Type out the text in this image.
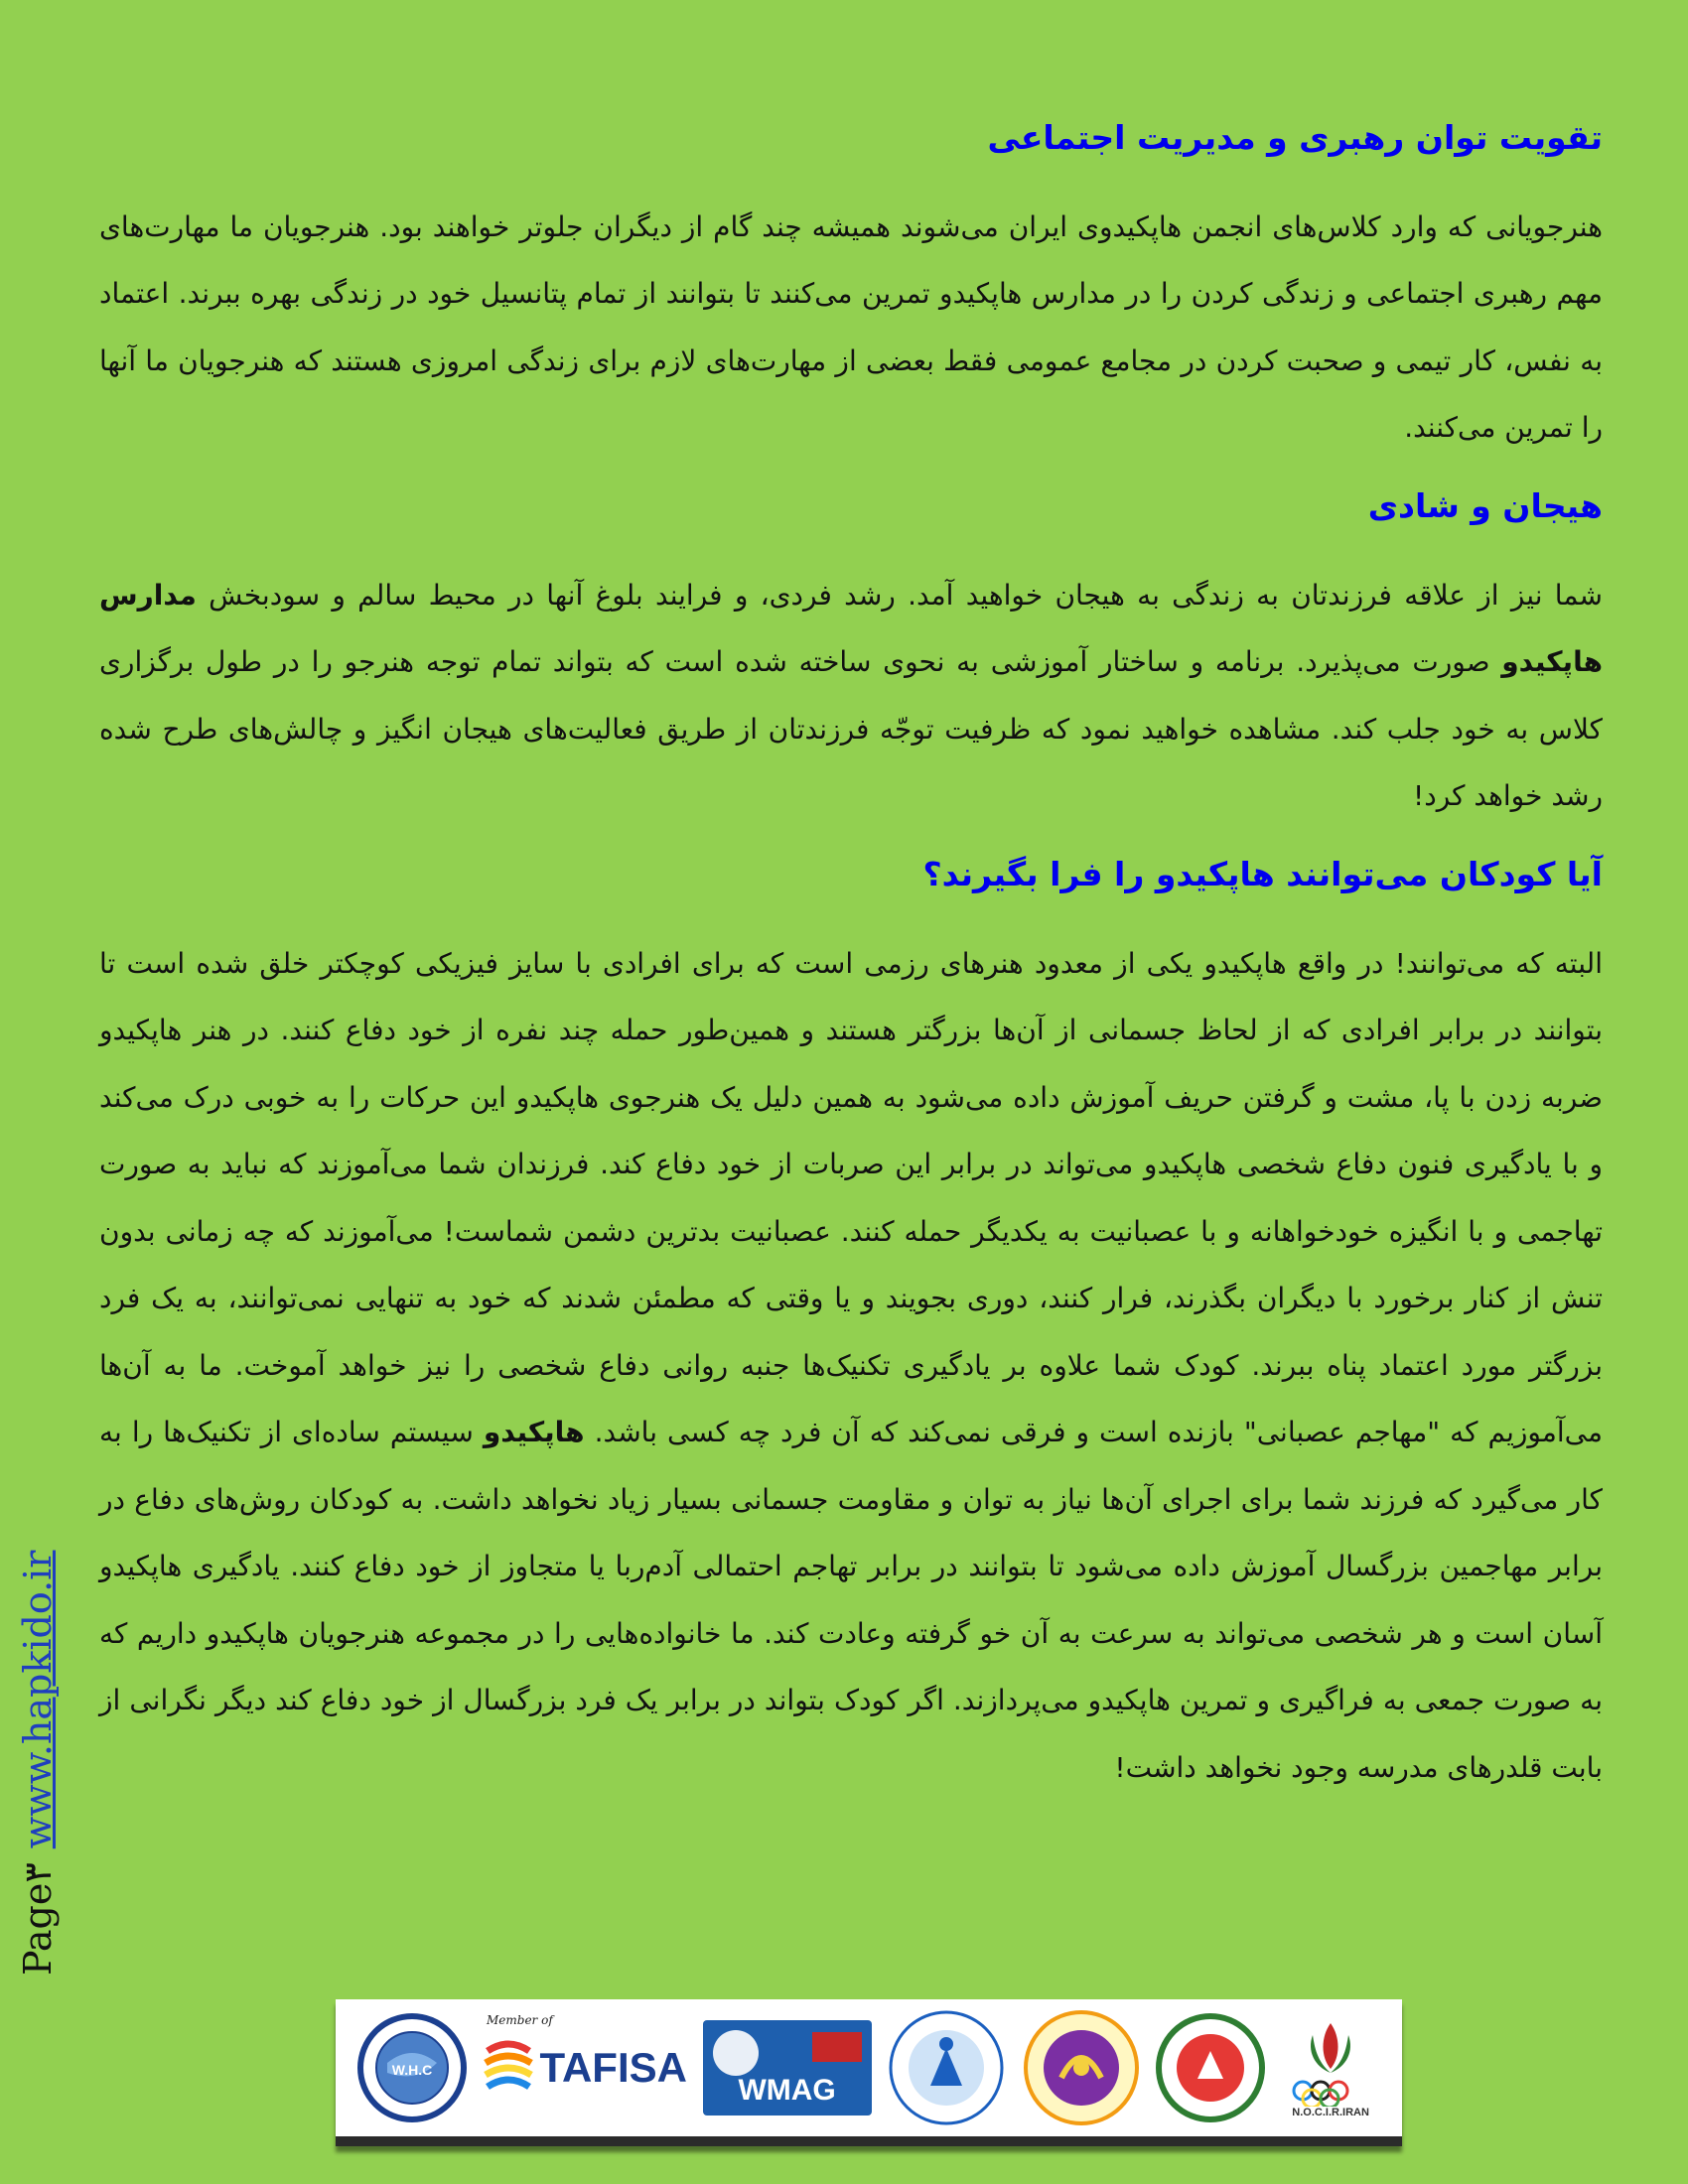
تقویت توان رهبری و مدیریت اجتماعی

هنرجویانی که وارد کلاس‌های انجمن هاپکیدوی ایران می‌شوند همیشه چند گام از دیگران جلوتر خواهند بود. هنرجویان ما مهارت‌های مهم رهبری اجتماعی و زندگی کردن را در مدارس هاپکیدو تمرین می‌کنند تا بتوانند از تمام پتانسیل خود در زندگی بهره ببرند. اعتماد به نفس، کار تیمی و صحبت کردن در مجامع عمومی فقط بعضی از مهارت‌های لازم برای زندگی امروزی هستند که هنرجویان ما آنها را تمرین می‌کنند.

هیجان و شادی

شما نیز از علاقه فرزندتان به زندگی به هیجان خواهید آمد. رشد فردی، و فرایند بلوغ آنها در محیط سالم و سودبخش مدارس هاپکیدو صورت می‌پذیرد. برنامه و ساختار آموزشی به نحوی ساخته شده است که بتواند تمام توجه هنرجو را در طول برگزاری کلاس به خود جلب کند. مشاهده خواهید نمود که ظرفیت توجّه فرزندتان از طریق فعالیت‌های هیجان انگیز و چالش‌های طرح شده رشد خواهد کرد!

آیا کودکان می‌توانند هاپکیدو را فرا بگیرند؟

البته که می‌توانند! در واقع هاپکیدو یکی از معدود هنرهای رزمی است که برای افرادی با سایز فیزیکی کوچکتر خلق شده است تا بتوانند در برابر افرادی که از لحاظ جسمانی از آن‌ها بزرگتر هستند و همین‌طور حمله چند نفره از خود دفاع کنند. در هنر هاپکیدو ضربه زدن با پا، مشت و گرفتن حریف آموزش داده می‌شود به همین دلیل یک هنرجوی هاپکیدو این حرکات را به خوبی درک می‌کند و با یادگیری فنون دفاع شخصی هاپکیدو می‌تواند در برابر این صربات از خود دفاع کند. فرزندان شما می‌آموزند که نباید به صورت تهاجمی و با انگیزه خودخواهانه و با عصبانیت به یکدیگر حمله کنند. عصبانیت بدترین دشمن شماست! می‌آموزند که چه زمانی بدون تنش از کنار برخورد با دیگران بگذرند، فرار کنند، دوری بجویند و یا وقتی که مطمئن شدند که خود به تنهایی نمی‌توانند، به یک فرد بزرگتر مورد اعتماد پناه ببرند. کودک شما علاوه بر یادگیری تکنیک‌ها جنبه روانی دفاع شخصی را نیز خواهد آموخت. ما به آن‌ها می‌آموزیم که "مهاجم عصبانی" بازنده است و فرقی نمی‌کند که آن فرد چه کسی باشد. هاپکیدو سیستم ساده‌ای از تکنیک‌ها را به کار می‌گیرد که فرزند شما برای اجرای آن‌ها نیاز به توان و مقاومت جسمانی بسیار زیاد نخواهد داشت. به کودکان روش‌های دفاع در برابر مهاجمین بزرگسال آموزش داده می‌شود تا بتوانند در برابر تهاجم احتمالی آدم‌ربا یا متجاوز از خود دفاع کنند. یادگیری هاپکیدو آسان است و هر شخصی می‌تواند به سرعت به آن خو گرفته وعادت کند. ما خانواده‌هایی را در مجموعه هنرجویان هاپکیدو داریم که به صورت جمعی به فراگیری و تمرین هاپکیدو می‌پردازند. اگر کودک بتواند در برابر یک فرد بزرگسال از خود دفاع کند دیگر نگرانی از بابت قلدرهای مدرسه وجود نخواهد داشت!

Page۳
www.hapkido.ir
Member of
W.H.C	TAFISA	WMAG
N.O.C.I.R.IRAN
